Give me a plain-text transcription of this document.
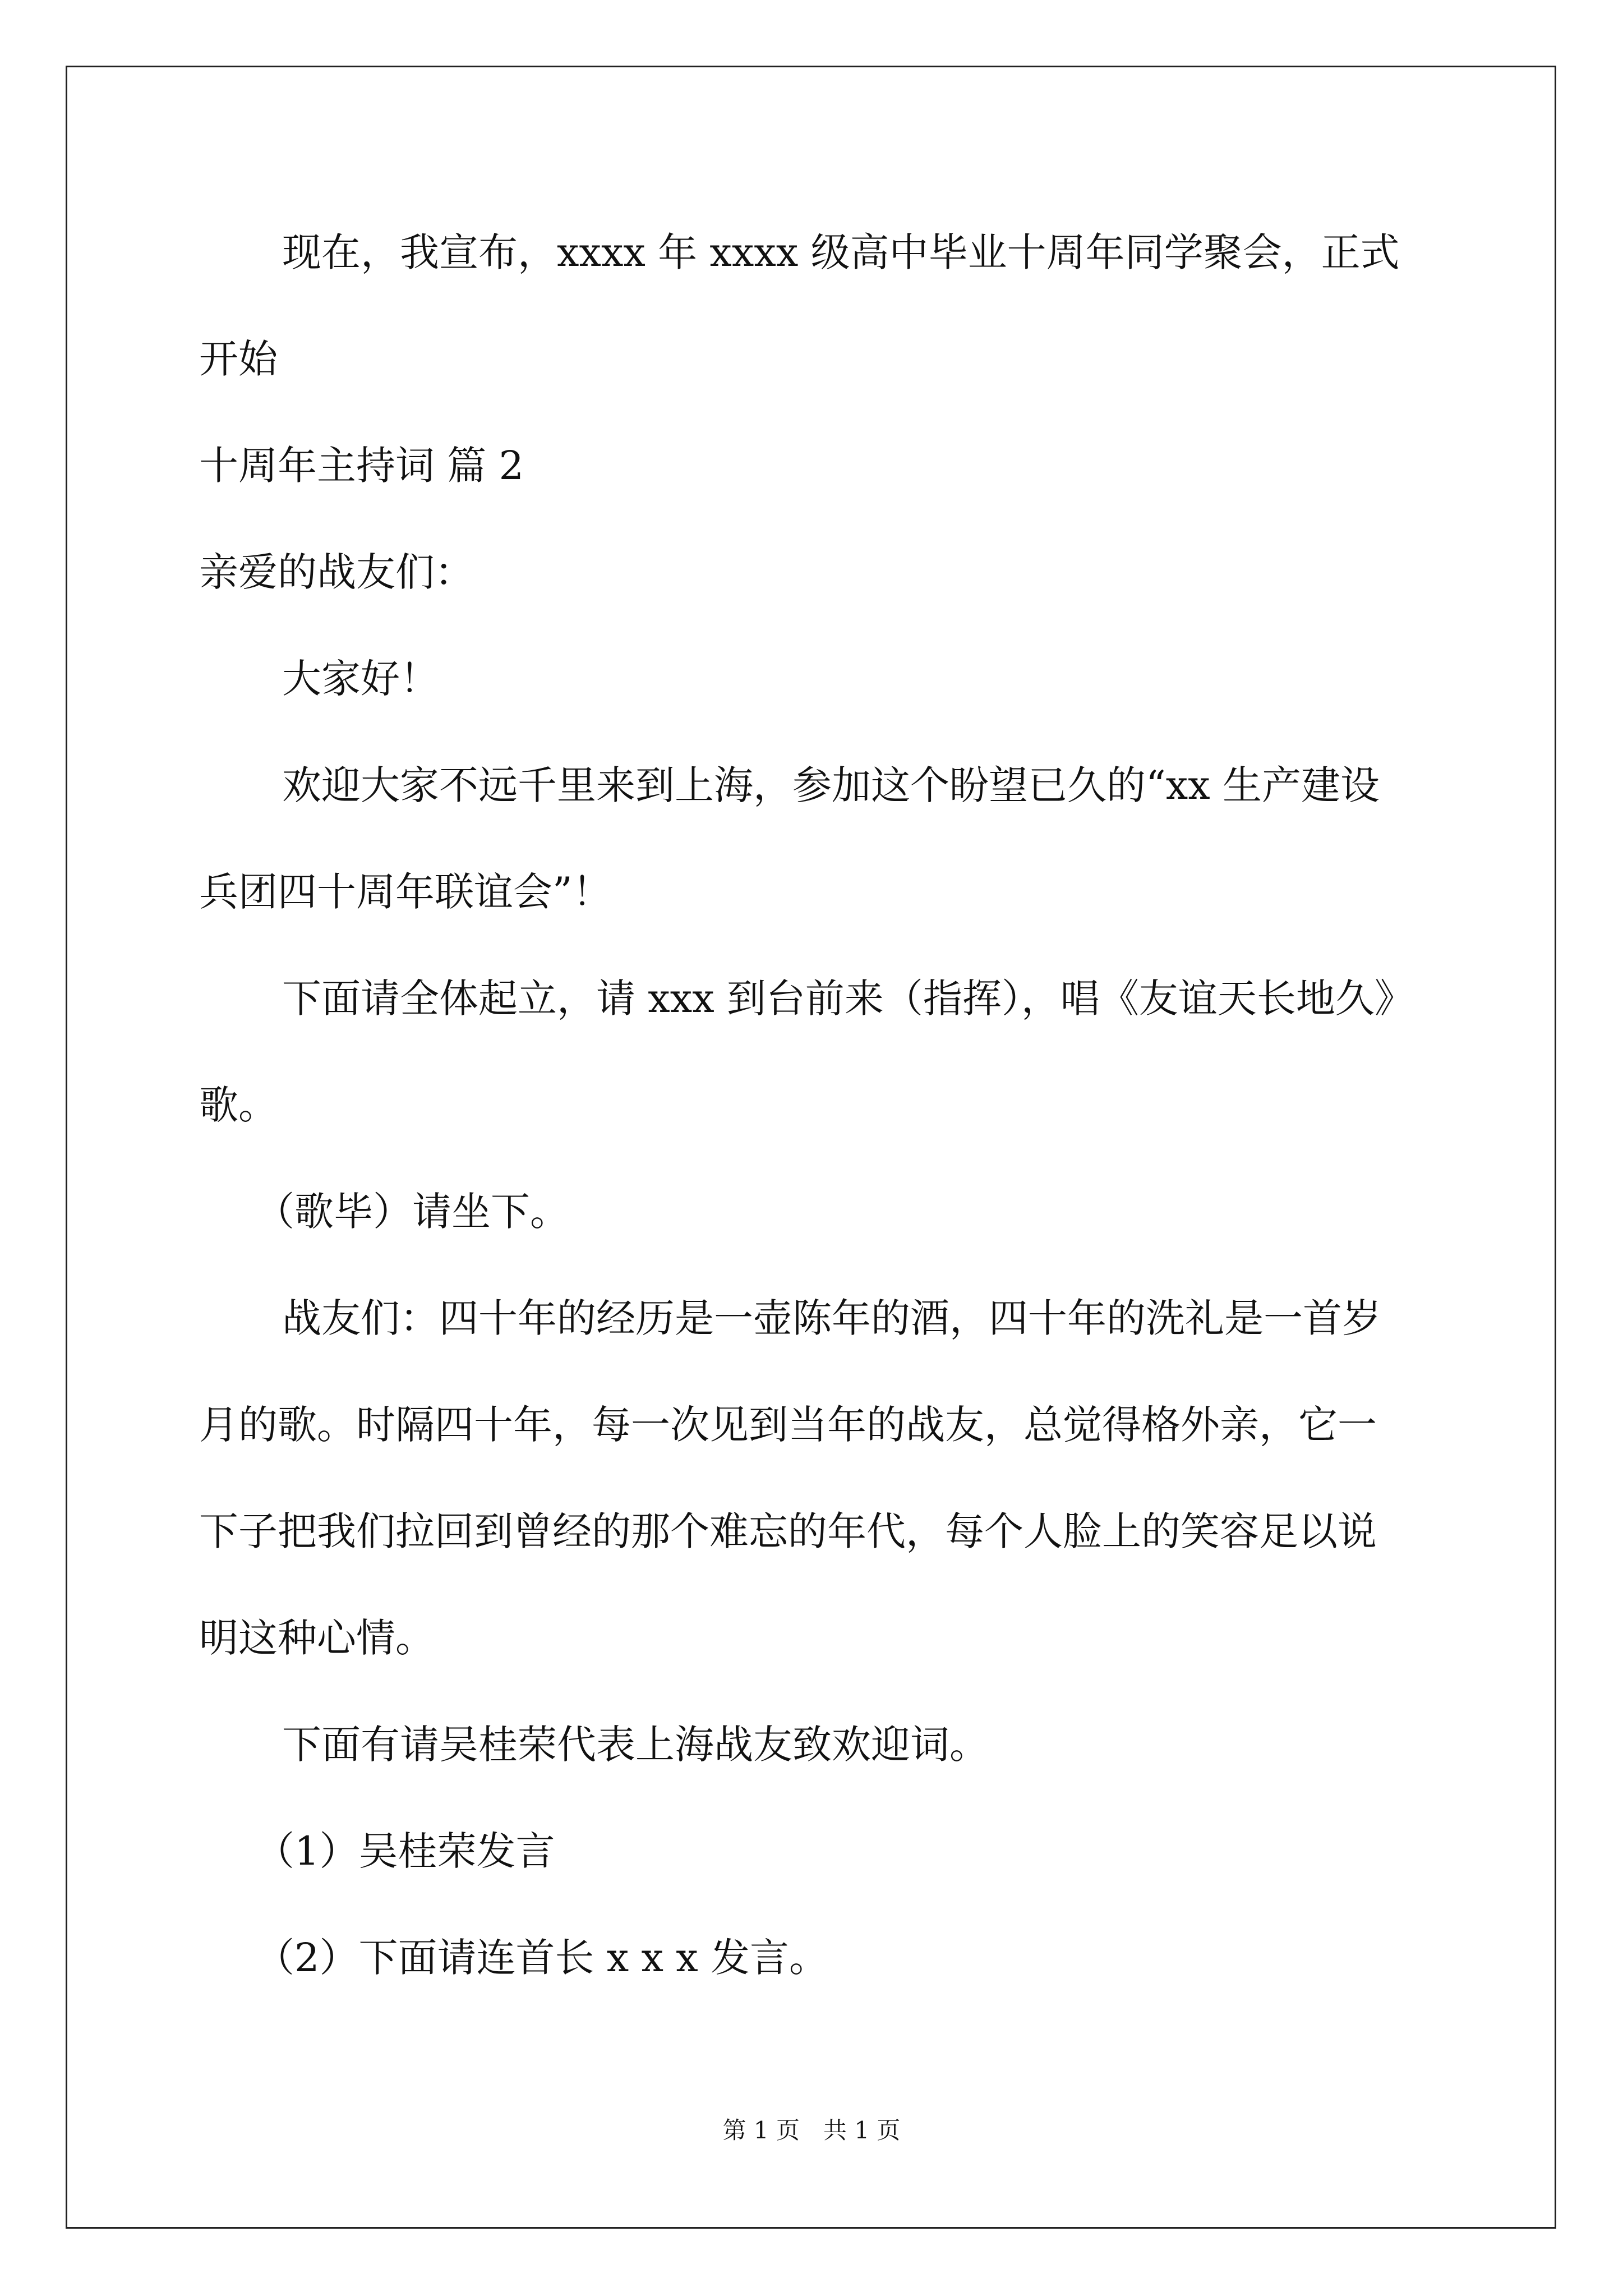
现在，我宣布，xxxx 年 xxxx 级高中毕业十周年同学聚会，正式
开始
十周年主持词 篇 2
亲爱的战友们：
大家好！
欢迎大家不远千里来到上海，参加这个盼望已久的“xx 生产建设
兵团四十周年联谊会”！
下面请全体起立，请 xxx 到台前来（指挥），唱《友谊天长地久》
歌。
（歌毕）请坐下。
战友们：四十年的经历是一壶陈年的酒，四十年的洗礼是一首岁
月的歌。时隔四十年，每一次见到当年的战友，总觉得格外亲，它一
下子把我们拉回到曾经的那个难忘的年代，每个人脸上的笑容足以说
明这种心情。
下面有请吴桂荣代表上海战友致欢迎词。
（1）吴桂荣发言
（2）下面请连首长 x x x 发言。
第 1 页　共 1 页
